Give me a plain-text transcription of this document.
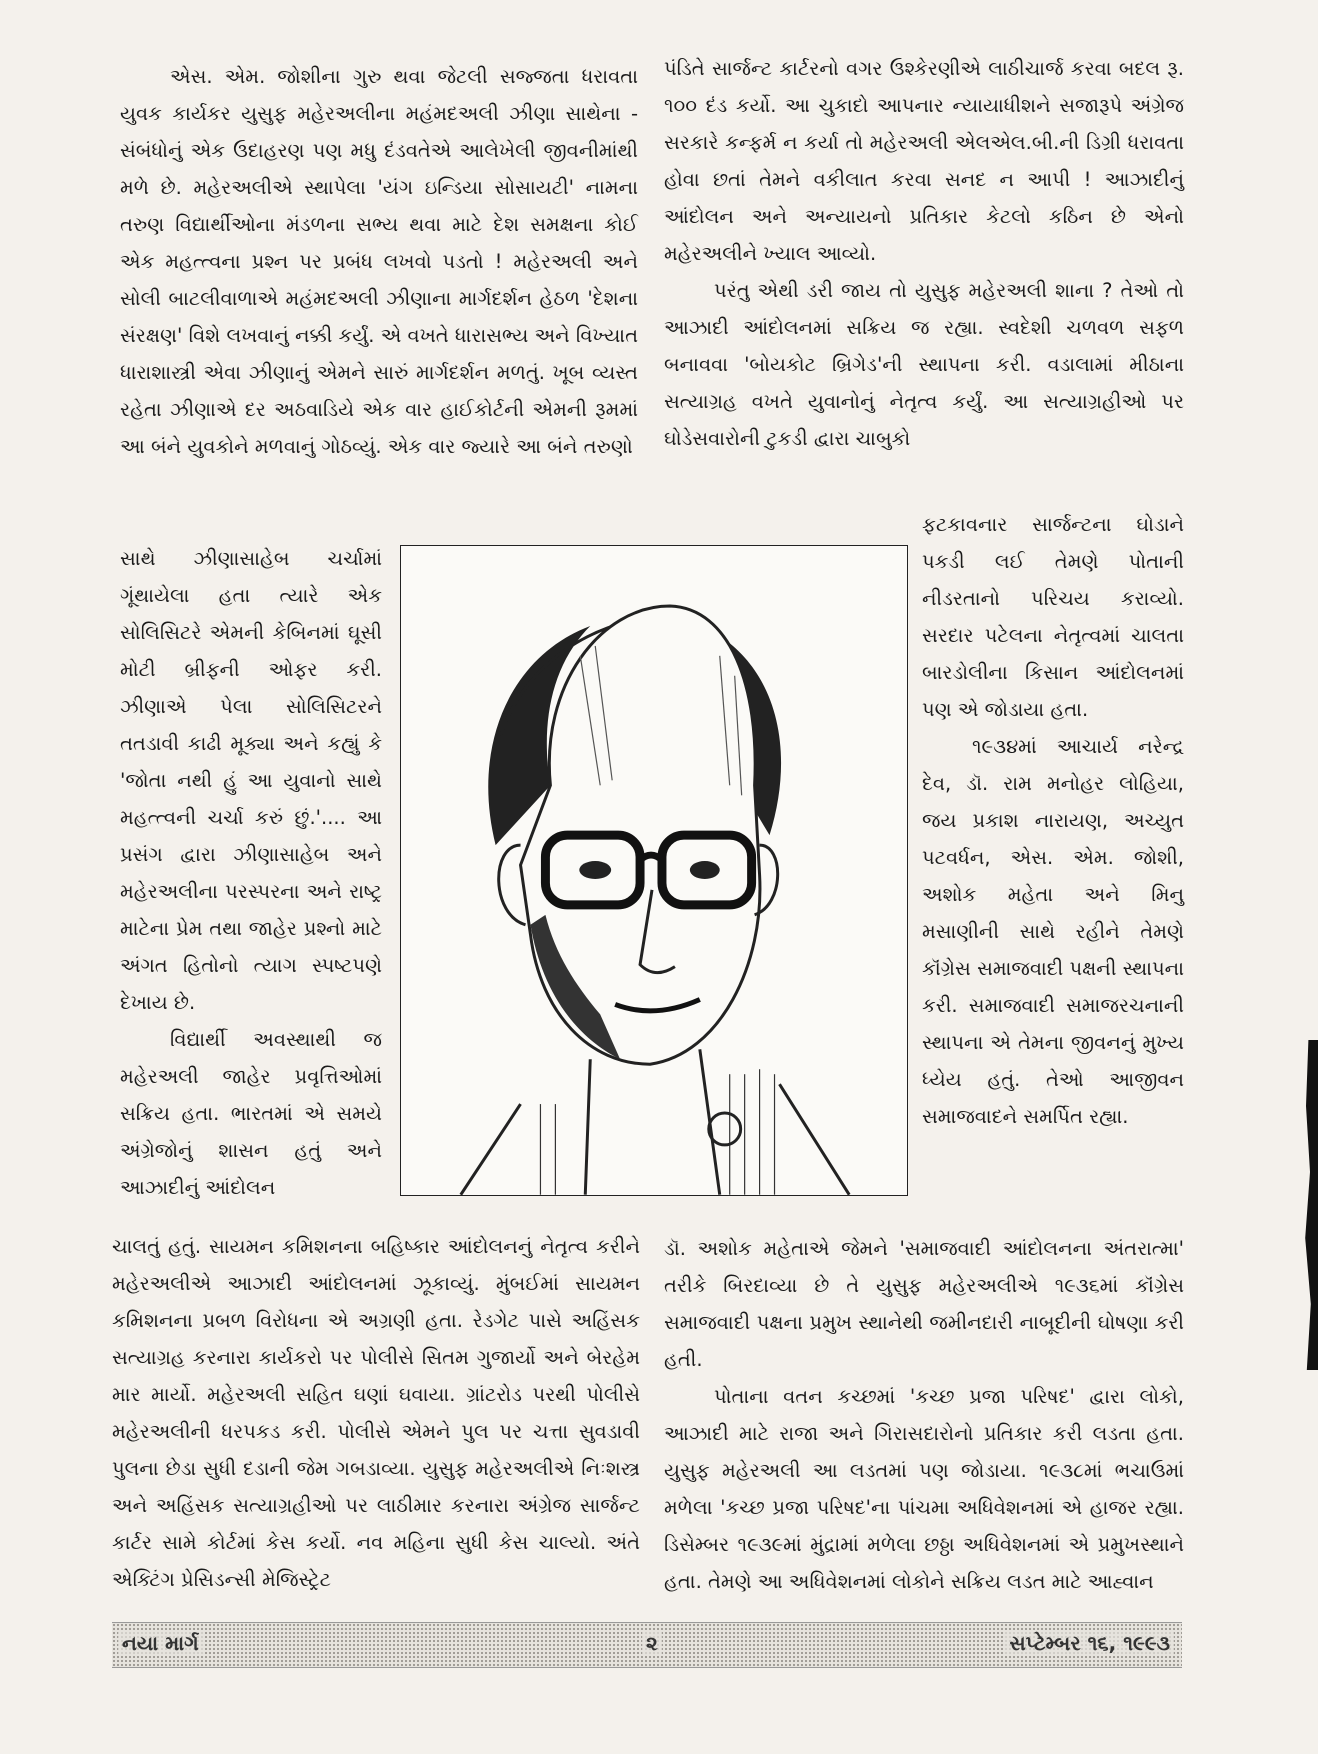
એસ. એમ. જોશીના ગુરુ થવા જેટલી સજ્જતા ધરાવતા યુવક કાર્યકર યુસુફ મહેરઅલીના મહંમદઅલી ઝીણા સાથેના - સંબંધોનું એક ઉદાહરણ પણ મધુ દંડવતેએ આલેખેલી જીવનીમાંથી મળે છે. મહેરઅલીએ સ્થાપેલા 'યંગ ઇન્ડિયા સોસાયટી' નામના તરુણ વિદ્યાર્થીઓના મંડળના સભ્ય થવા માટે દેશ સમક્ષના કોઈ એક મહત્ત્વના પ્રશ્ન પર પ્રબંધ લખવો પડતો ! મહેરઅલી અને સોલી બાટલીવાળાએ મહંમદઅલી ઝીણાના માર્ગદર્શન હેઠળ 'દેશના સંરક્ષણ' વિશે લખવાનું નક્કી કર્યું. એ વખતે ધારાસભ્ય અને વિખ્યાત ધારાશાસ્ત્રી એવા ઝીણાનું એમને સારું માર્ગદર્શન મળતું. ખૂબ વ્યસ્ત રહેતા ઝીણાએ દર અઠવાડિયે એક વાર હાઈકોર્ટની એમની રૂમમાં આ બંને યુવકોને મળવાનું ગોઠવ્યું. એક વાર જ્યારે આ બંને તરુણો

સાથે ઝીણાસાહેબ ચર્ચામાં ગૂંથાયેલા હતા ત્યારે એક સોલિસિટરે એમની કેબિનમાં ઘૂસી મોટી બ્રીફની ઓફર કરી. ઝીણાએ પેલા સોલિસિટરને તતડાવી કાઢી મૂક્યા અને કહ્યું કે 'જોતા નથી હું આ યુવાનો સાથે મહત્ત્વની ચર્ચા કરું છું.'.... આ પ્રસંગ દ્વારા ઝીણાસાહેબ અને મહેરઅલીના પરસ્પરના અને રાષ્ટ્ર માટેના પ્રેમ તથા જાહેર પ્રશ્નો માટે અંગત હિતોનો ત્યાગ સ્પષ્ટપણે દેખાય છે.

વિદ્યાર્થી અવસ્થાથી જ મહેરઅલી જાહેર પ્રવૃત્તિઓમાં સક્રિય હતા. ભારતમાં એ સમયે અંગ્રેજોનું શાસન હતું અને આઝાદીનું આંદોલન

ચાલતું હતું. સાયમન કમિશનના બહિષ્કાર આંદોલનનું નેતૃત્વ કરીને મહેરઅલીએ આઝાદી આંદોલનમાં ઝૂકાવ્યું. મુંબઈમાં સાયમન કમિશનના પ્રબળ વિરોધના એ અગ્રણી હતા. રેડગેટ પાસે અહિંસક સત્યાગ્રહ કરનારા કાર્યકરો પર પોલીસે સિતમ ગુજાર્યો અને બેરહેમ માર માર્યો. મહેરઅલી સહિત ઘણાં ઘવાયા. ગ્રાંટરોડ પરથી પોલીસે મહેરઅલીની ધરપકડ કરી. પોલીસે એમને પુલ પર ચત્તા સુવડાવી પુલના છેડા સુધી દડાની જેમ ગબડાવ્યા. યુસુફ મહેરઅલીએ નિઃશસ્ત્ર અને અહિંસક સત્યાગ્રહીઓ પર લાઠીમાર કરનારા અંગ્રેજ સાર્જન્ટ કાર્ટર સામે કોર્ટમાં કેસ કર્યો. નવ મહિના સુધી કેસ ચાલ્યો. અંતે એક્ટિંગ પ્રેસિડન્સી મેજિસ્ટ્રેટ

પંડિતે સાર્જન્ટ કાર્ટરનો વગર ઉશ્કેરણીએ લાઠીચાર્જ કરવા બદલ રૂ. ૧૦૦ દંડ કર્યો. આ ચુકાદો આપનાર ન્યાયાધીશને સજારૂપે અંગ્રેજ સરકારે કન્ફર્મ ન કર્યા તો મહેરઅલી એલએલ.બી.ની ડિગ્રી ધરાવતા હોવા છતાં તેમને વકીલાત કરવા સનદ ન આપી ! આઝાદીનું આંદોલન અને અન્યાયનો પ્રતિકાર કેટલો કઠિન છે એનો મહેરઅલીને ખ્યાલ આવ્યો.

પરંતુ એથી ડરી જાય તો યુસુફ મહેરઅલી શાના ? તેઓ તો આઝાદી આંદોલનમાં સક્રિય જ રહ્યા. સ્વદેશી ચળવળ સફળ બનાવવા 'બોયકોટ બ્રિગેડ'ની સ્થાપના કરી. વડાલામાં મીઠાના સત્યાગ્રહ વખતે યુવાનોનું નેતૃત્વ કર્યું. આ સત્યાગ્રહીઓ પર ઘોડેસવારોની ટુકડી દ્વારા ચાબુકો

ફટકાવનાર સાર્જન્ટના ઘોડાને પકડી લઈ તેમણે પોતાની નીડરતાનો પરિચય કરાવ્યો. સરદાર પટેલના નેતૃત્વમાં ચાલતા બારડોલીના કિસાન આંદોલનમાં પણ એ જોડાયા હતા.

૧૯૩૪માં આચાર્ય નરેન્દ્ર દેવ, ડૉ. રામ મનોહર લોહિયા, જય પ્રકાશ નારાયણ, અચ્યુત પટવર્ધન, એસ. એમ. જોશી, અશોક મહેતા અને મિનુ મસાણીની સાથે રહીને તેમણે કૉંગ્રેસ સમાજવાદી પક્ષની સ્થાપના કરી. સમાજવાદી સમાજરચનાની સ્થાપના એ તેમના જીવનનું મુખ્ય ધ્યેય હતું. તેઓ આજીવન સમાજવાદને સમર્પિત રહ્યા.

ડૉ. અશોક મહેતાએ જેમને 'સમાજવાદી આંદોલનના અંતરાત્મા' તરીકે બિરદાવ્યા છે તે યુસુફ મહેરઅલીએ ૧૯૩૬માં કૉંગ્રેસ સમાજવાદી પક્ષના પ્રમુખ સ્થાનેથી જમીનદારી નાબૂદીની ઘોષણા કરી હતી.

પોતાના વતન કચ્છમાં 'કચ્છ પ્રજા પરિષદ' દ્વારા લોકો, આઝાદી માટે રાજા અને ગિરાસદારોનો પ્રતિકાર કરી લડતા હતા. યુસુફ મહેરઅલી આ લડતમાં પણ જોડાયા. ૧૯૩૮માં ભચાઉમાં મળેલા 'કચ્છ પ્રજા પરિષદ'ના પાંચમા અધિવેશનમાં એ હાજર રહ્યા. ડિસેમ્બર ૧૯૩૯માં મુંદ્રામાં મળેલા છઠ્ઠા અધિવેશનમાં એ પ્રમુખસ્થાને હતા. તેમણે આ અધિવેશનમાં લોકોને સક્રિય લડત માટે આહ્વાન

નયા માર્ગ	૨	સપ્ટેમ્બર ૧૬, ૧૯૯૩
